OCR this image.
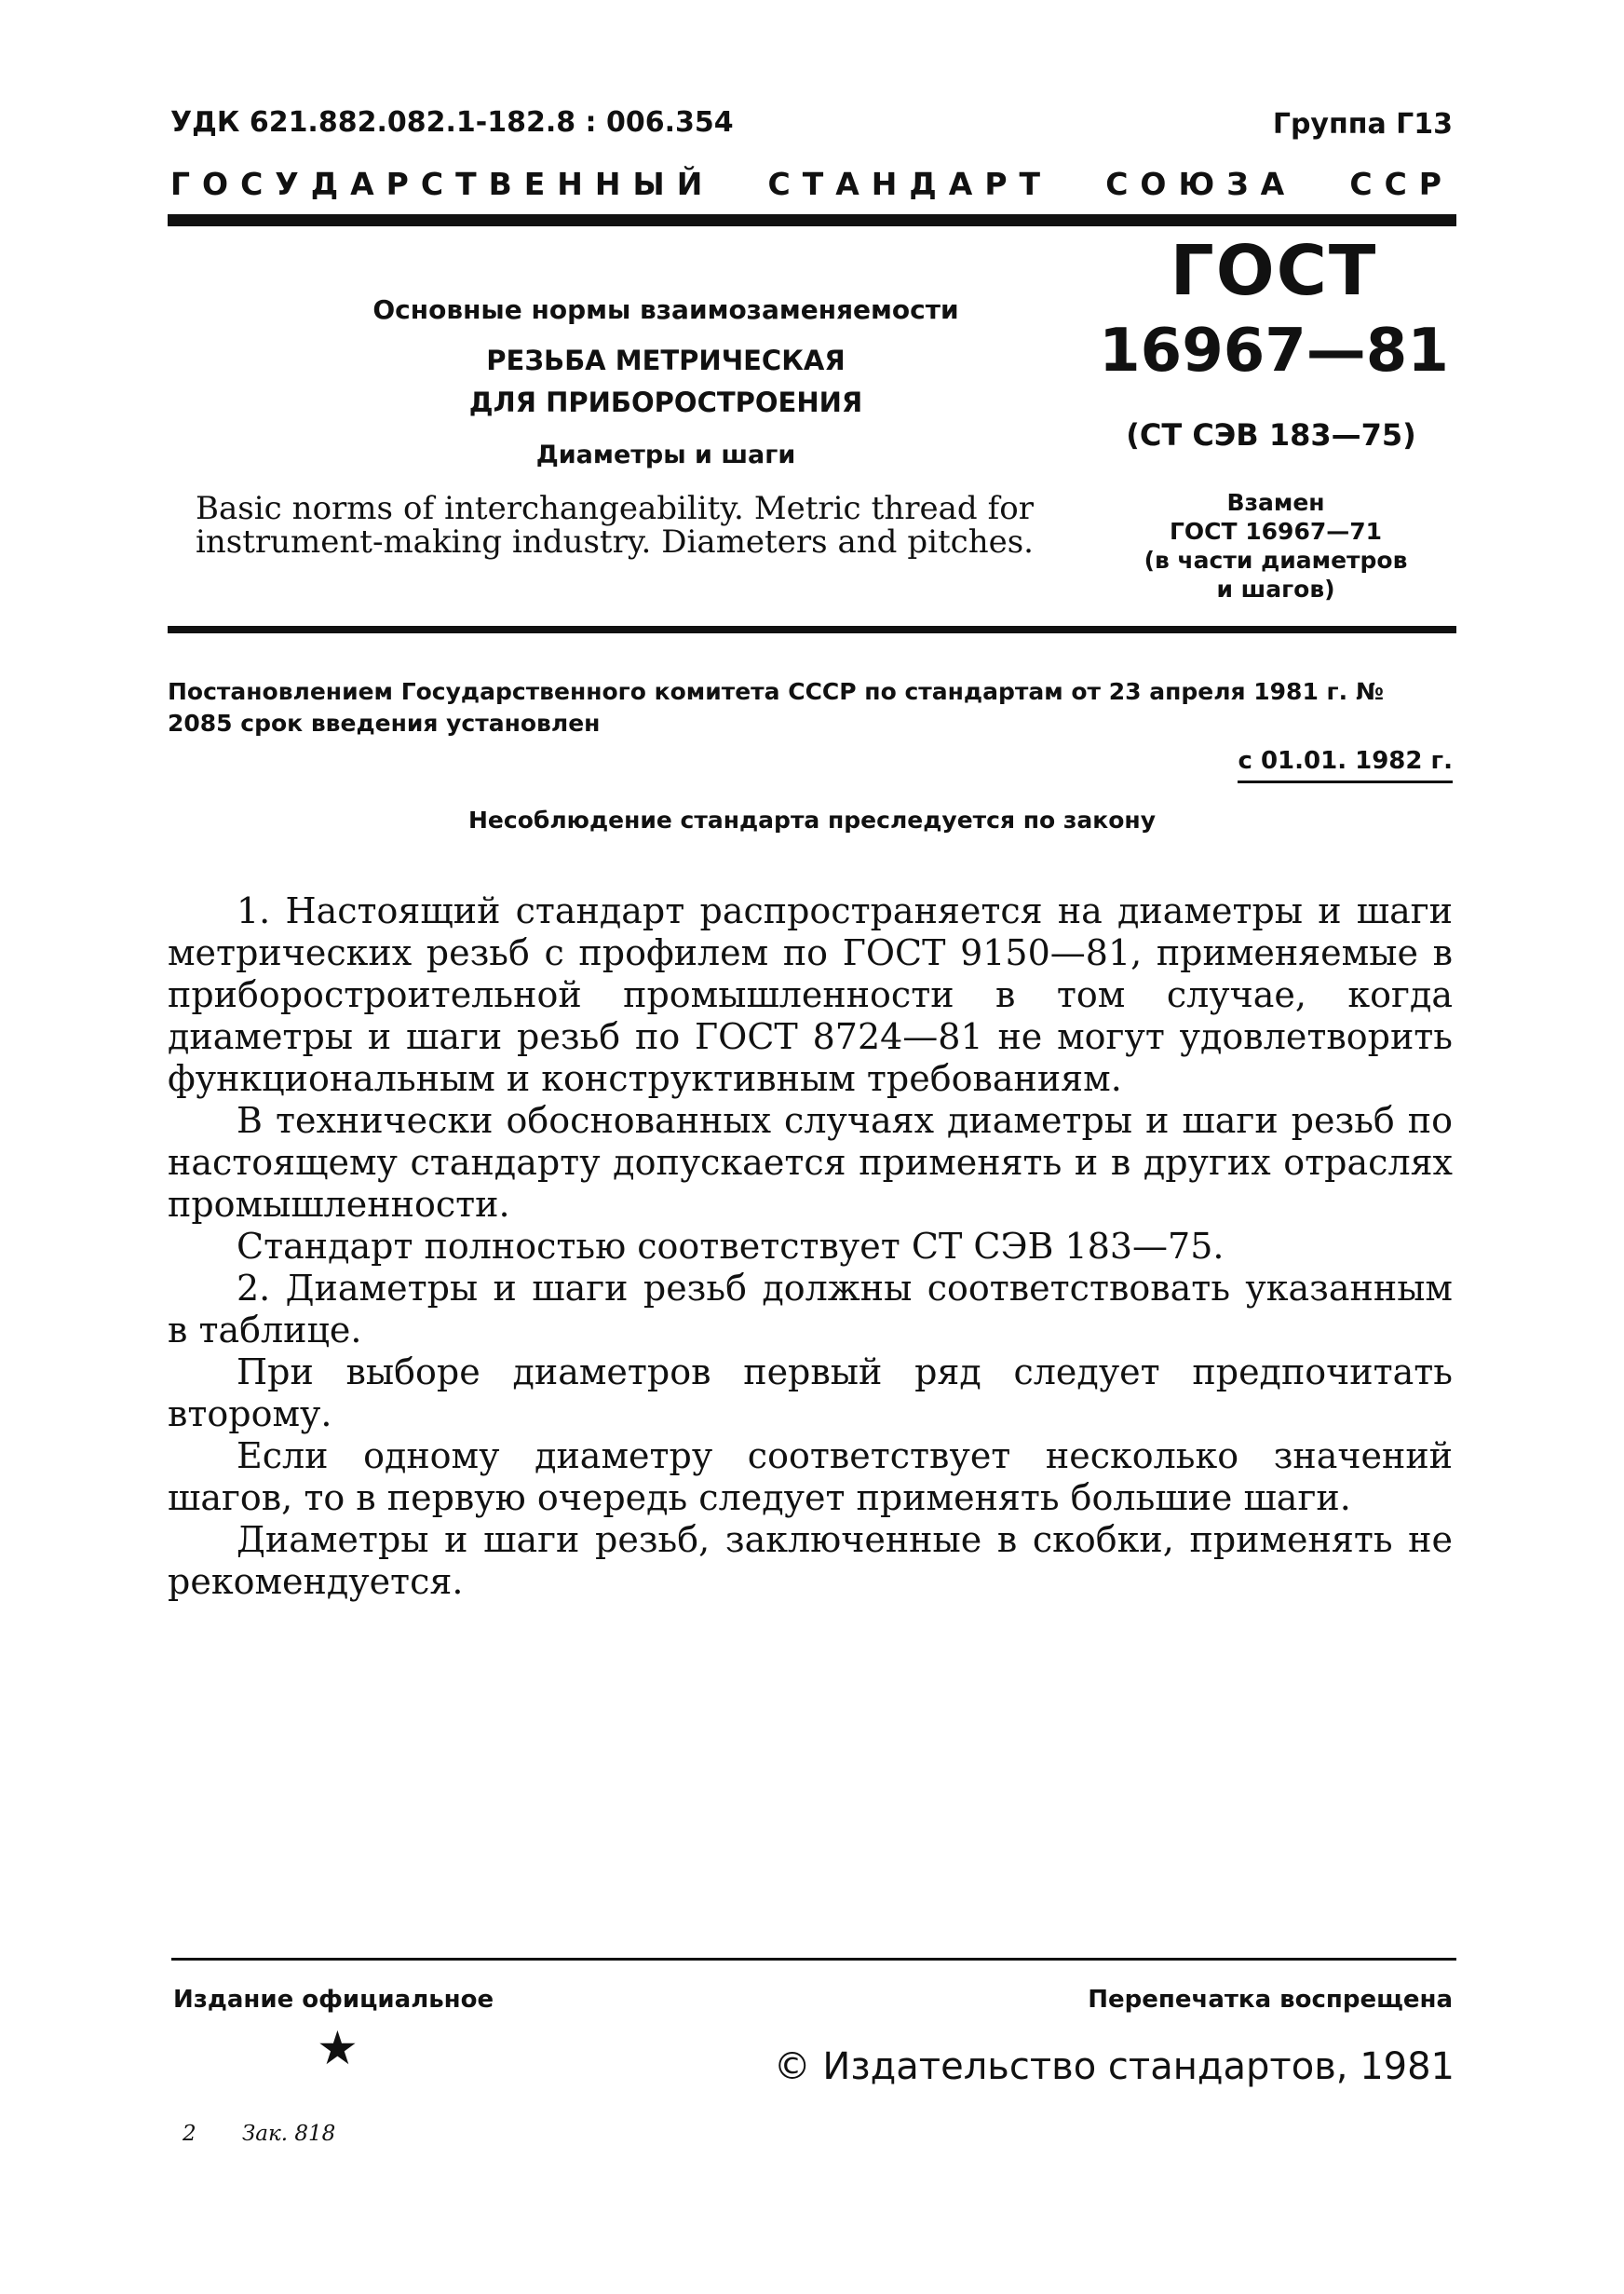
УДК 621.882.082.1-182.8 : 006.354	Группа Г13
ГОСУДАРСТВЕННЫЙ СТАНДАРТ СОЮЗА ССР
Основные нормы взаимозаменяемости
РЕЗЬБА МЕТРИЧЕСКАЯ
ДЛЯ ПРИБОРОСТРОЕНИЯ
Диаметры и шаги
Basic norms of interchangeability. Metric thread for instrument-making industry. Diameters and pitches.
ГОСТ
16967—81
(СТ СЭВ 183—75)
Взамен
ГОСТ 16967—71
(в части диаметров
и шагов)
Постановлением Государственного комитета СССР по стандартам от 23 апреля 1981 г. № 2085 срок введения установлен
с 01.01. 1982 г.
Несоблюдение стандарта преследуется по закону

1. Настоящий стандарт распространяется на диаметры и шаги метрических резьб с профилем по ГОСТ 9150—81, применяемые в приборостроительной промышленности в том случае, когда диаметры и шаги резьб по ГОСТ 8724—81 не могут удовлетворить функциональным и конструктивным требованиям.

В технически обоснованных случаях диаметры и шаги резьб по настоящему стандарту допускается применять и в других отраслях промышленности.

Стандарт полностью соответствует СТ СЭВ 183—75.

2. Диаметры и шаги резьб должны соответствовать указанным в таблице.

При выборе диаметров первый ряд следует предпочитать второму.

Если одному диаметру соответствует несколько значений шагов, то в первую очередь следует применять большие шаги.

Диаметры и шаги резьб, заключенные в скобки, применять не рекомендуется.

Издание официальное	Перепечатка воспрещена
★	© Издательство стандартов, 1981
2 Зак. 818
